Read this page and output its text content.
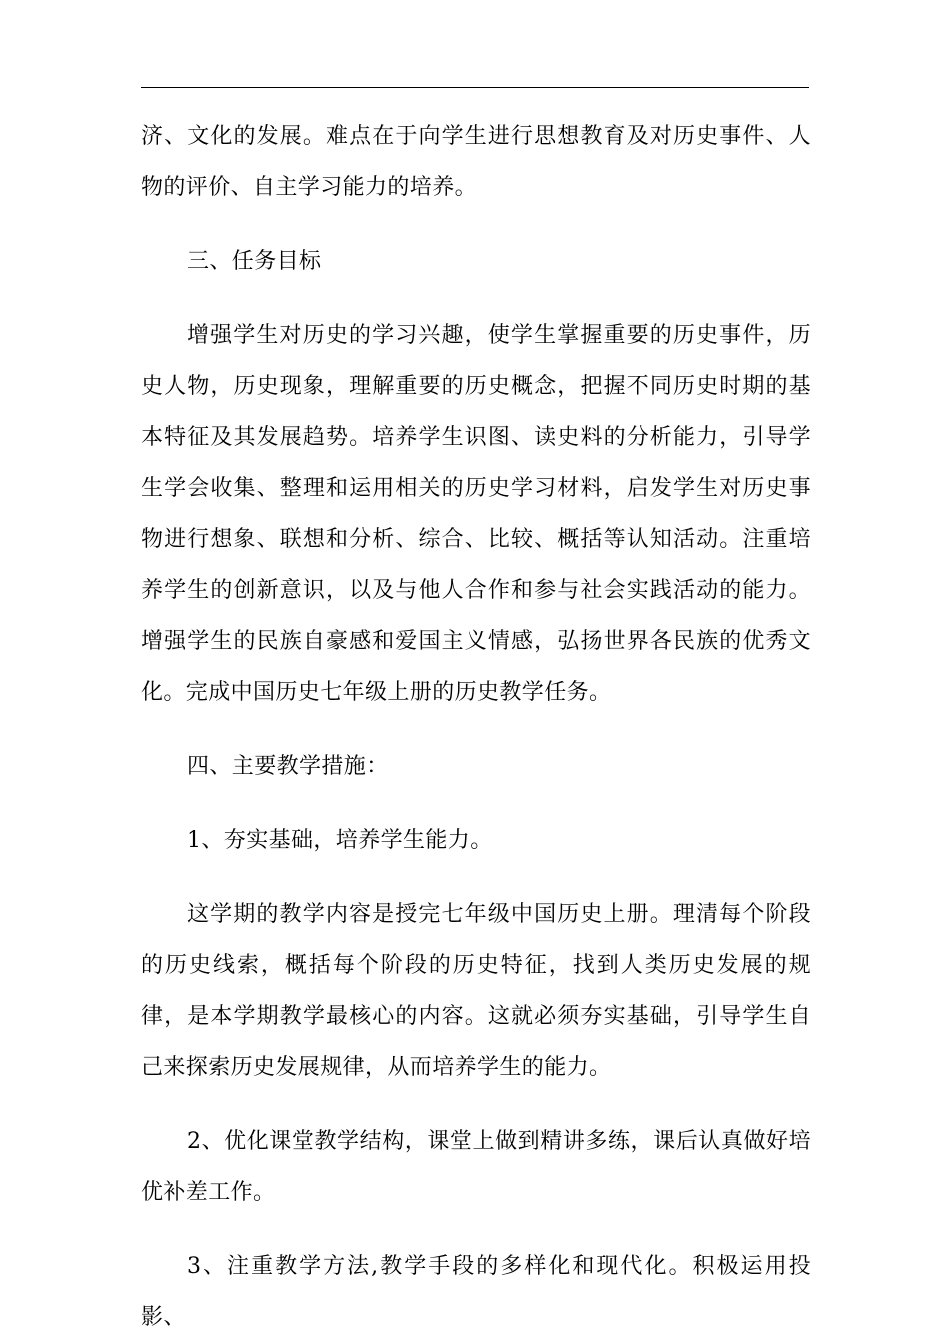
济、文化的发展。难点在于向学生进行思想教育及对历史事件、人物的评价、自主学习能力的培养。

三、任务目标

增强学生对历史的学习兴趣，使学生掌握重要的历史事件，历史人物，历史现象，理解重要的历史概念，把握不同历史时期的基本特征及其发展趋势。培养学生识图、读史料的分析能力，引导学生学会收集、整理和运用相关的历史学习材料，启发学生对历史事物进行想象、联想和分析、综合、比较、概括等认知活动。注重培养学生的创新意识，以及与他人合作和参与社会实践活动的能力。增强学生的民族自豪感和爱国主义情感，弘扬世界各民族的优秀文化。完成中国历史七年级上册的历史教学任务。

四、主要教学措施：

1、夯实基础，培养学生能力。

这学期的教学内容是授完七年级中国历史上册。理清每个阶段的历史线索，概括每个阶段的历史特征，找到人类历史发展的规律，是本学期教学最核心的内容。这就必须夯实基础，引导学生自己来探索历史发展规律，从而培养学生的能力。

2、优化课堂教学结构，课堂上做到精讲多练，课后认真做好培优补差工作。

3、注重教学方法,教学手段的多样化和现代化。积极运用投影、
